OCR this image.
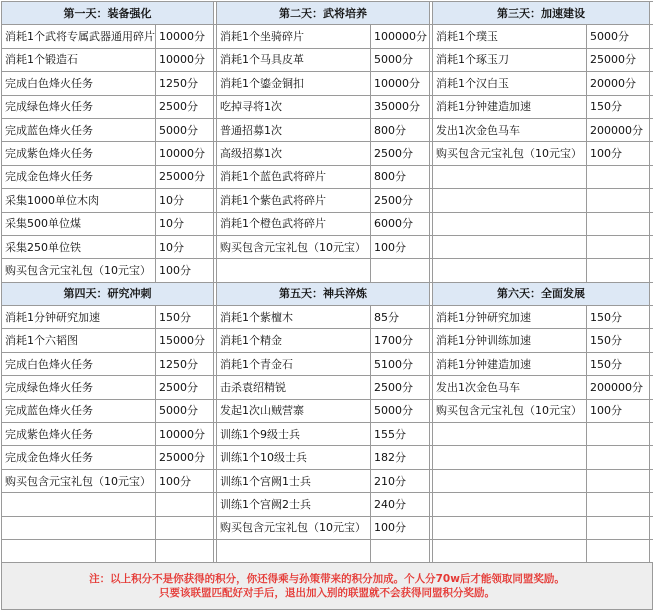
第一天：装备强化			第二天：武将培养			第三天：加速建设		
消耗1个武将专属武器通用碎片	10000分		消耗1个坐骑碎片	100000分		消耗1个璞玉	5000分	
消耗1个锻造石	10000分		消耗1个马具皮革	5000分		消耗1个琢玉刀	25000分	
完成白色烽火任务	1250分		消耗1个鎏金铜扣	10000分		消耗1个汉白玉	20000分	
完成绿色烽火任务	2500分		吃掉寻将1次	35000分		消耗1分钟建造加速	150分	
完成蓝色烽火任务	5000分		普通招募1次	800分		发出1次金色马车	200000分	
完成紫色烽火任务	10000分		高级招募1次	2500分		购买包含元宝礼包（10元宝）	100分	
完成金色烽火任务	25000分		消耗1个蓝色武将碎片	800分				
采集1000单位木肉	10分		消耗1个紫色武将碎片	2500分				
采集500单位煤	10分		消耗1个橙色武将碎片	6000分				
采集250单位铁	10分		购买包含元宝礼包（10元宝）	100分				
购买包含元宝礼包（10元宝）	100分							
第四天：研究冲刺			第五天：神兵淬炼			第六天：全面发展		
消耗1分钟研究加速	150分		消耗1个紫檀木	85分		消耗1分钟研究加速	150分	
消耗1个六韬图	15000分		消耗1个精金	1700分		消耗1分钟训练加速	150分	
完成白色烽火任务	1250分		消耗1个青金石	5100分		消耗1分钟建造加速	150分	
完成绿色烽火任务	2500分		击杀袁绍精锐	2500分		发出1次金色马车	200000分	
完成蓝色烽火任务	5000分		发起1次山贼营寨	5000分		购买包含元宝礼包（10元宝）	100分	
完成紫色烽火任务	10000分		训练1个9级士兵	155分				
完成金色烽火任务	25000分		训练1个10级士兵	182分				
购买包含元宝礼包（10元宝）	100分		训练1个宫阙1士兵	210分				
			训练1个宫阙2士兵	240分				
			购买包含元宝礼包（10元宝）	100分				

注：以上积分不是你获得的积分，你还得乘与孙策带来的积分加成。个人分70w后才能领取同盟奖励。
只要该联盟匹配好对手后，退出加入别的联盟就不会获得同盟积分奖励。								
